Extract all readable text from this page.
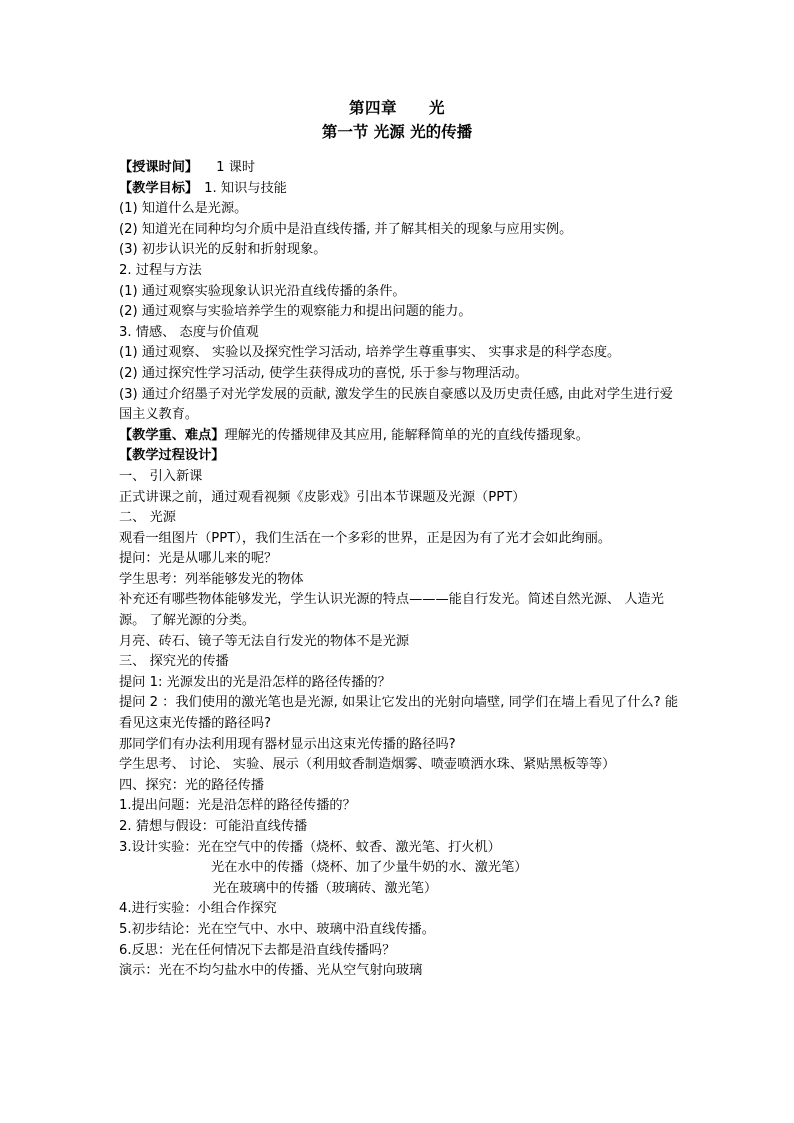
第四章　　光
第一节 光源 光的传播
【授课时间】 1 课时
【教学目标】 1. 知识与技能
(1) 知道什么是光源。
(2) 知道光在同种均匀介质中是沿直线传播, 并了解其相关的现象与应用实例。
(3) 初步认识光的反射和折射现象。
2. 过程与方法
(1) 通过观察实验现象认识光沿直线传播的条件。
(2) 通过观察与实验培养学生的观察能力和提出问题的能力。
3. 情感、 态度与价值观
(1) 通过观察、 实验以及探究性学习活动, 培养学生尊重事实、 实事求是的科学态度。
(2) 通过探究性学习活动, 使学生获得成功的喜悦, 乐于参与物理活动。
(3) 通过介绍墨子对光学发展的贡献, 激发学生的民族自豪感以及历史责任感, 由此对学生进行爱国主义教育。
【教学重、难点】理解光的传播规律及其应用, 能解释简单的光的直线传播现象。
【教学过程设计】
一、 引入新课
正式讲课之前，通过观看视频《皮影戏》引出本节课题及光源（PPT）
二、 光源
观看一组图片（PPT），我们生活在一个多彩的世界，正是因为有了光才会如此绚丽。
提问：光是从哪儿来的呢？
学生思考：列举能够发光的物体
补充还有哪些物体能够发光，学生认识光源的特点———能自行发光。简述自然光源、 人造光源。 了解光源的分类。
月亮、砖石、镜子等无法自行发光的物体不是光源
三、 探究光的传播
提问 1: 光源发出的光是沿怎样的路径传播的？
提问 2 ：我们使用的激光笔也是光源, 如果让它发出的光射向墙壁, 同学们在墙上看见了什么? 能看见这束光传播的路径吗?
那同学们有办法利用现有器材显示出这束光传播的路径吗?
学生思考、 讨论、 实验、展示（利用蚊香制造烟雾、喷壶喷洒水珠、紧贴黑板等等）
四、探究：光的路径传播
1.提出问题：光是沿怎样的路径传播的？
2. 猜想与假设：可能沿直线传播
3.设计实验：光在空气中的传播（烧杯、蚊香、激光笔、打火机）
光在水中的传播（烧杯、加了少量牛奶的水、激光笔）
光在玻璃中的传播（玻璃砖、激光笔）
4.进行实验：小组合作探究
5.初步结论：光在空气中、水中、玻璃中沿直线传播。
6.反思：光在任何情况下去都是沿直线传播吗？
演示：光在不均匀盐水中的传播、光从空气射向玻璃
